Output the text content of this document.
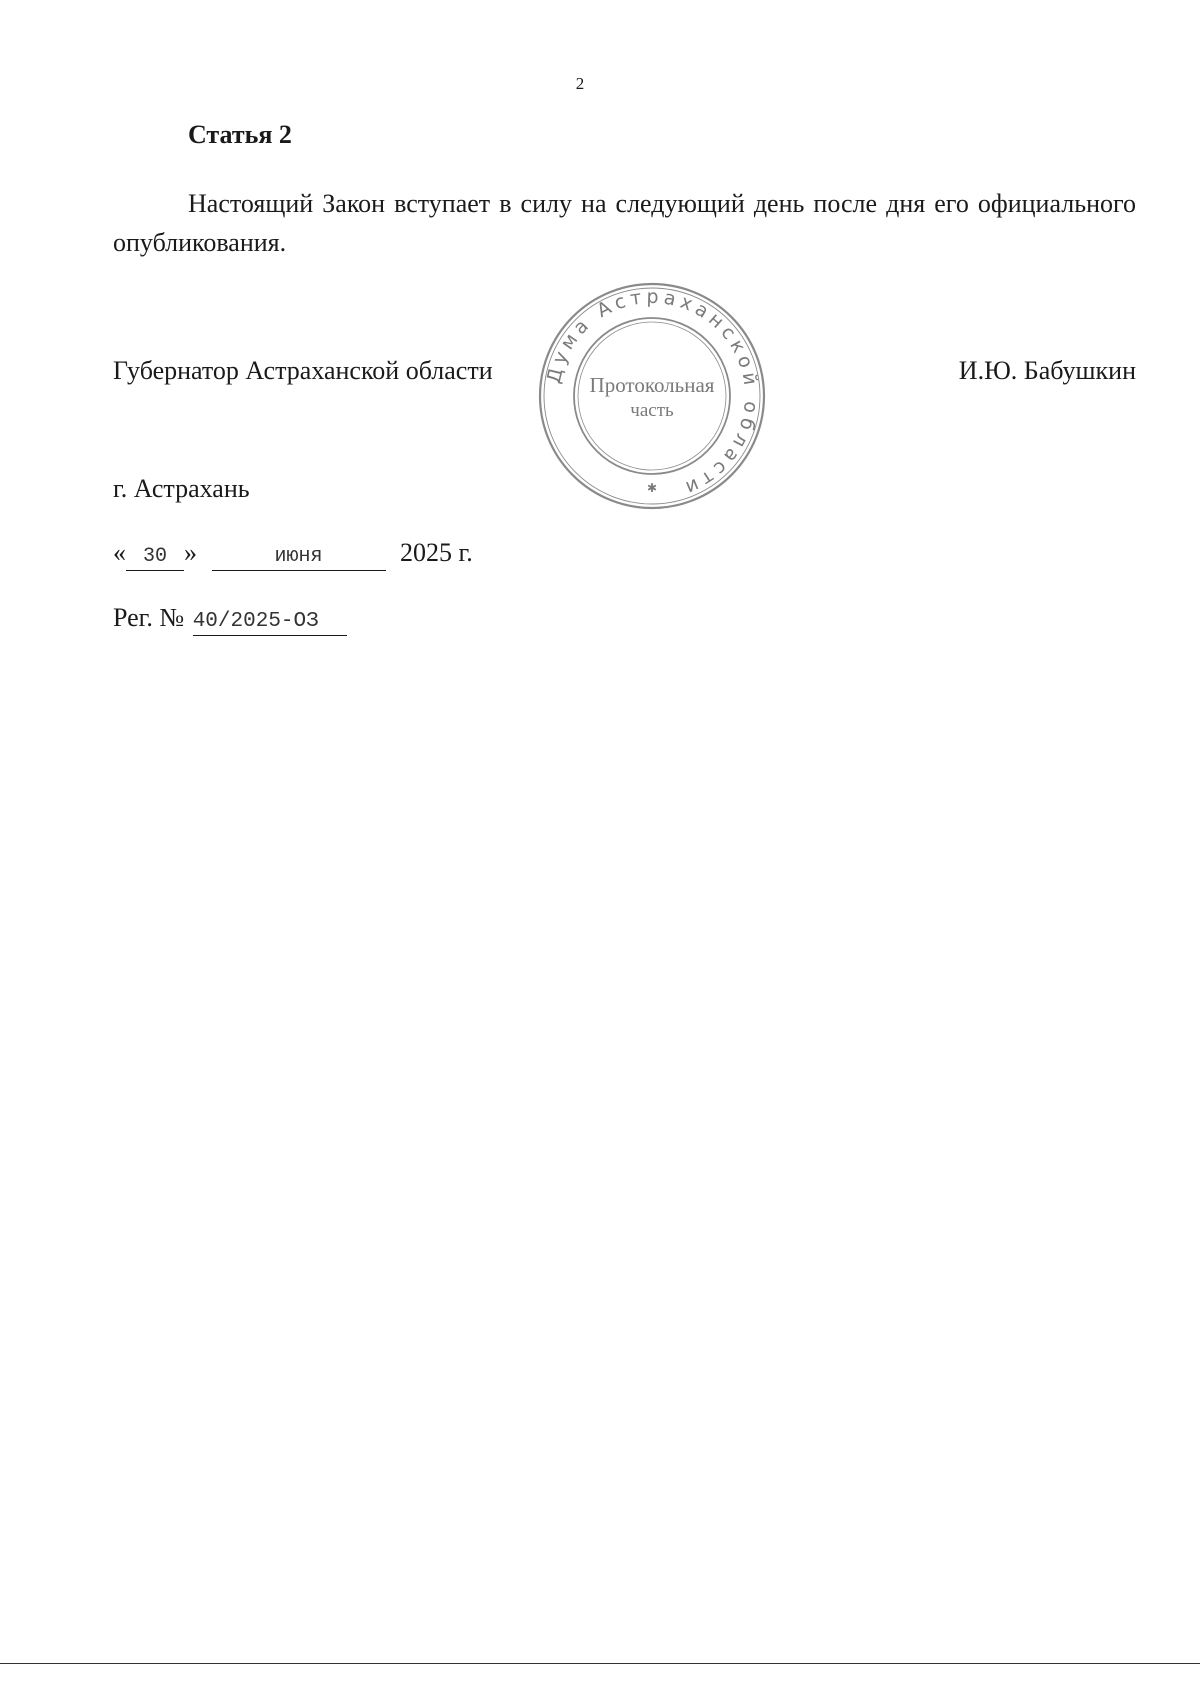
2
Статья 2
Настоящий Закон вступает в силу на следующий день после дня его официального опубликования.
Губернатор Астраханской области	И.Ю. Бабушкин
Дума Астраханской области
✱
Протокольная
часть
г. Астрахань
« 30 »	июня	2025 г.
Рег. № 40/2025-ОЗ
